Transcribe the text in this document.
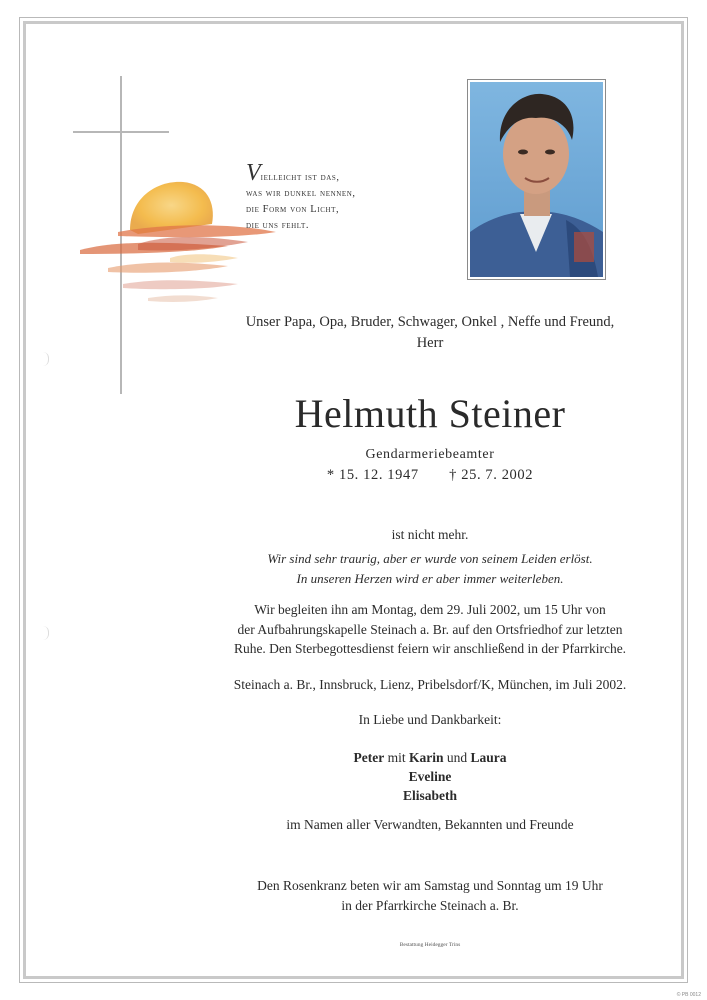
Vielleicht ist das,
was wir dunkel nennen,
die Form von Licht,
die uns fehlt.
Unser Papa, Opa, Bruder, Schwager, Onkel , Neffe und Freund,
Herr
Helmuth Steiner
Gendarmeriebeamter
* 15. 12. 1947 † 25. 7. 2002
ist nicht mehr.
Wir sind sehr traurig, aber er wurde von seinem Leiden erlöst.
In unseren Herzen wird er aber immer weiterleben.
Wir begleiten ihn am Montag, dem 29. Juli 2002, um 15 Uhr von
der Aufbahrungskapelle Steinach a. Br. auf den Ortsfriedhof zur letzten
Ruhe. Den Sterbegottesdienst feiern wir anschließend in der Pfarrkirche.
Steinach a. Br., Innsbruck, Lienz, Pribelsdorf/K, München, im Juli 2002.
In Liebe und Dankbarkeit:
Peter mit Karin und Laura
Eveline
Elisabeth
im Namen aller Verwandten, Bekannten und Freunde
Den Rosenkranz beten wir am Samstag und Sonntag um 19 Uhr
in der Pfarrkirche Steinach a. Br.
Bestattung Heidegger Trins
© PB 0012
